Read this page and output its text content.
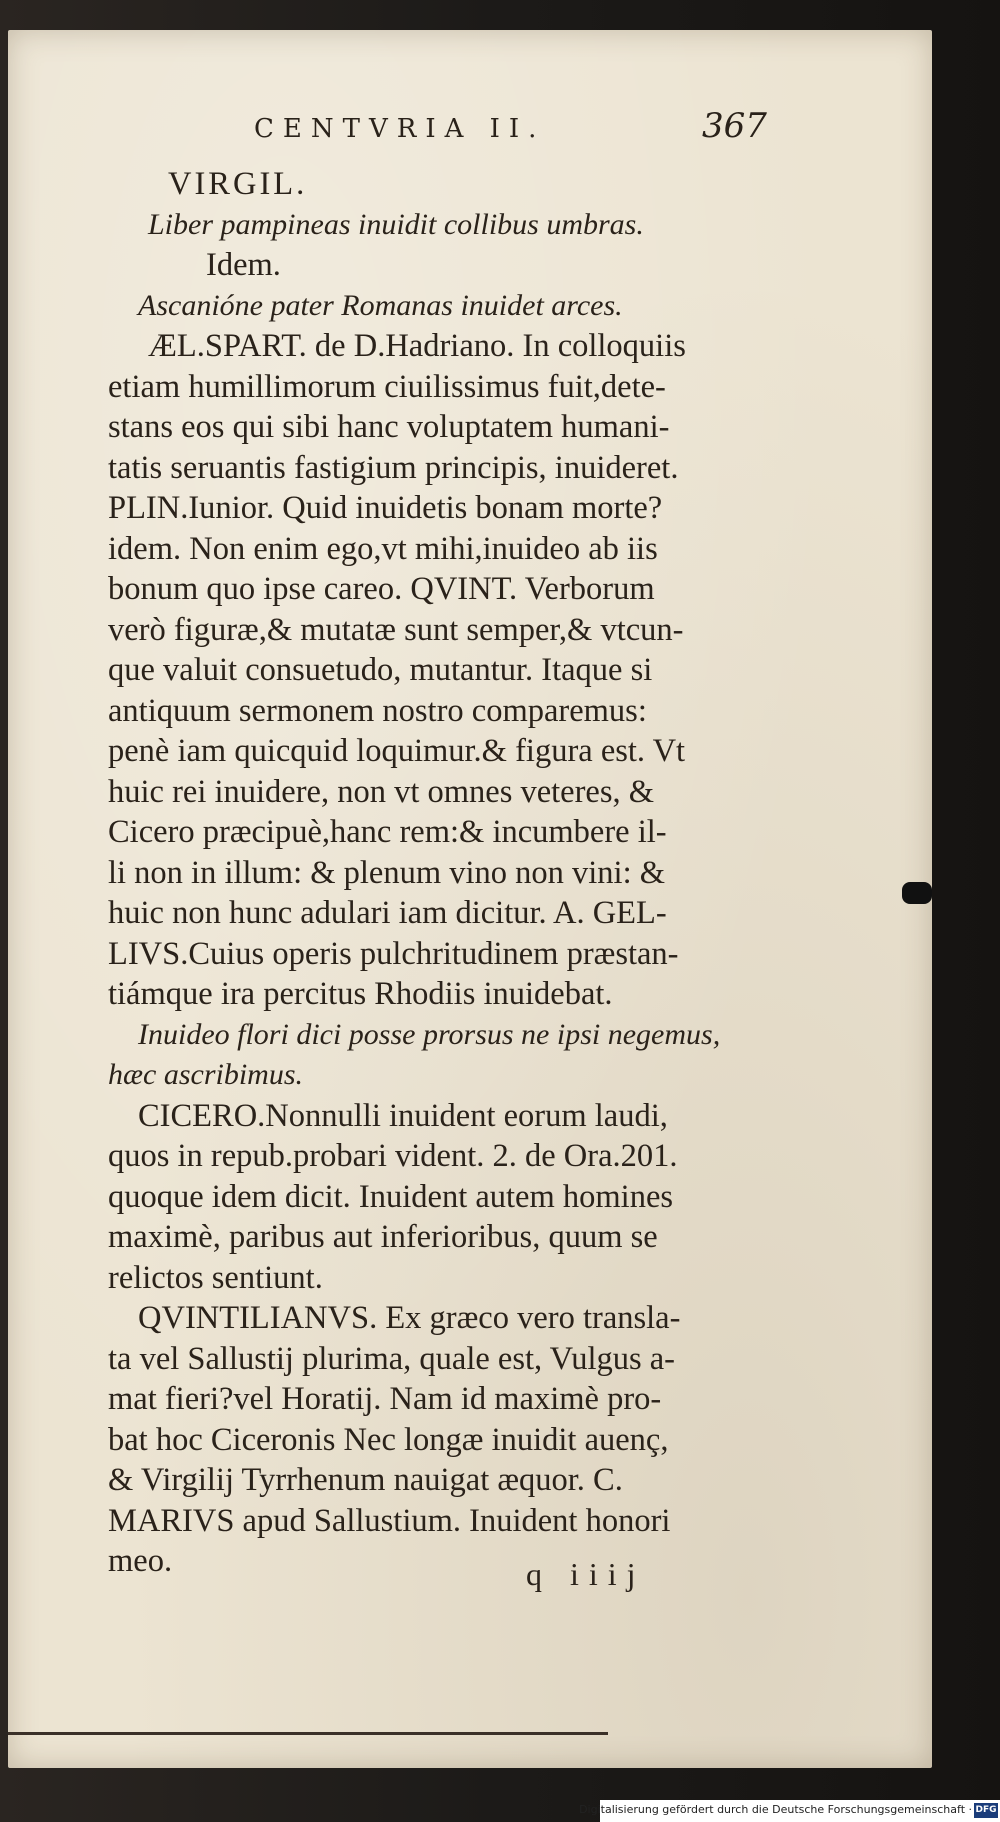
CENTVRIA II.	367
VIRGIL.
Liber pampineas inuidit collibus umbras.
Idem.
Ascanióne pater Romanas inuidet arces.
ÆL.SPART. de D.Hadriano. In colloquiis
etiam humillimorum ciuilissimus fuit,dete-
stans eos qui sibi hanc voluptatem humani-
tatis seruantis fastigium principis, inuideret.
PLIN.Iunior. Quid inuidetis bonam morte?
idem. Non enim ego,vt mihi,inuideo ab iis
bonum quo ipse careo. QVINT. Verborum
verò figuræ,& mutatæ sunt semper,& vtcun-
que valuit consuetudo, mutantur. Itaque si
antiquum sermonem nostro comparemus:
penè iam quicquid loquimur.& figura est. Vt
huic rei inuidere, non vt omnes veteres, &
Cicero præcipuè,hanc rem:& incumbere il-
li non in illum: & plenum vino non vini: &
huic non hunc adulari iam dicitur. A. GEL-
LIVS.Cuius operis pulchritudinem præstan-
tiámque ira percitus Rhodiis inuidebat.
Inuideo flori dici posse prorsus ne ipsi negemus,
hæc ascribimus.
CICERO.Nonnulli inuident eorum laudi,
quos in repub.probari vident. 2. de Ora.201.
quoque idem dicit. Inuident autem homines
maximè, paribus aut inferioribus, quum se
relictos sentiunt.
QVINTILIANVS. Ex græco vero transla-
ta vel Sallustij plurima, quale est, Vulgus a-
mat fieri?vel Horatij. Nam id maximè pro-
bat hoc Ciceronis Nec longæ inuidit auenç,
& Virgilij Tyrrhenum nauigat æquor. C.
MARIVS apud Sallustium. Inuident honori
meo.	q iiij
Digitalisierung gefördert durch die Deutsche Forschungsgemeinschaft · DFG
